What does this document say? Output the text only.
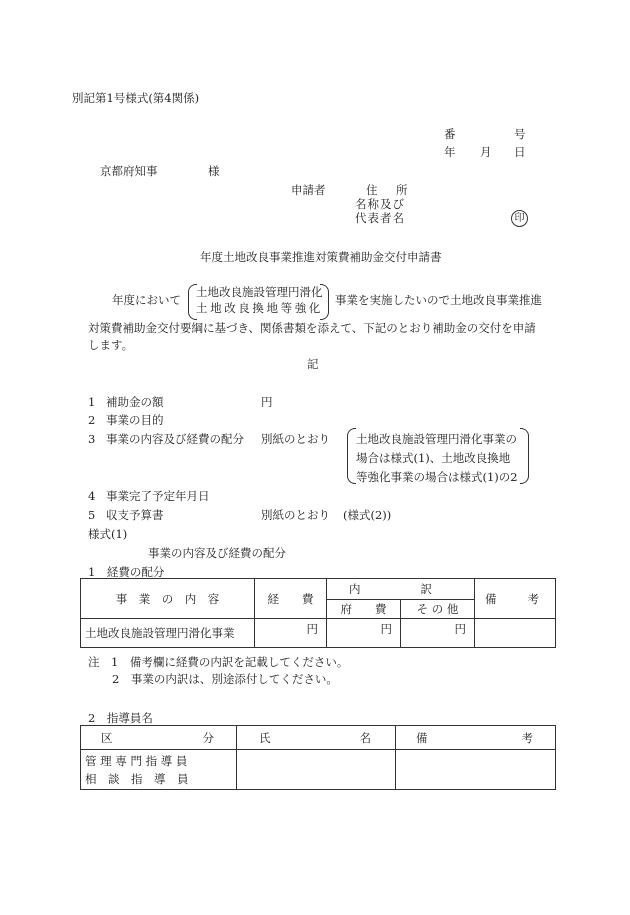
別記第1号様式(第4関係)
番	号
年 月 日
京都府知事	様
申請者	住 所
名称及び
代表者名	印
年度土地改良事業推進対策費補助金交付申請書
年度において
土地改良施設管理円滑化
土地改良換地等強化
事業を実施したいので土地改良事業推進
対策費補助金交付要綱に基づき、関係書類を添えて、下記のとおり補助金の交付を申請
します。
記
1 補助金の額	円
2 事業の目的
3 事業の内容及び経費の配分 別紙のとおり 土地改良施設管理円滑化事業の
場合は様式(1)、土地改良換地
等強化事業の場合は様式(1)の2
4 事業完了予定年月日
5 収支予算書	別紙のとおり (様式(2))
様式(1)
事業の内容及び経費の配分
1　経費の配分
事　業　の　内　容	経　　費	内 訳		備 考

		府　　費	そ の 他	
土地改良施設管理円滑化事業	円	円	円	
注　1　備考欄に経費の内訳を記載してください。
2　事業の内訳は、別途添付してください。
2　指導員名
区 分	氏 名	備 考

管 理 専 門 指 導 員
相　談　指　導　員		
